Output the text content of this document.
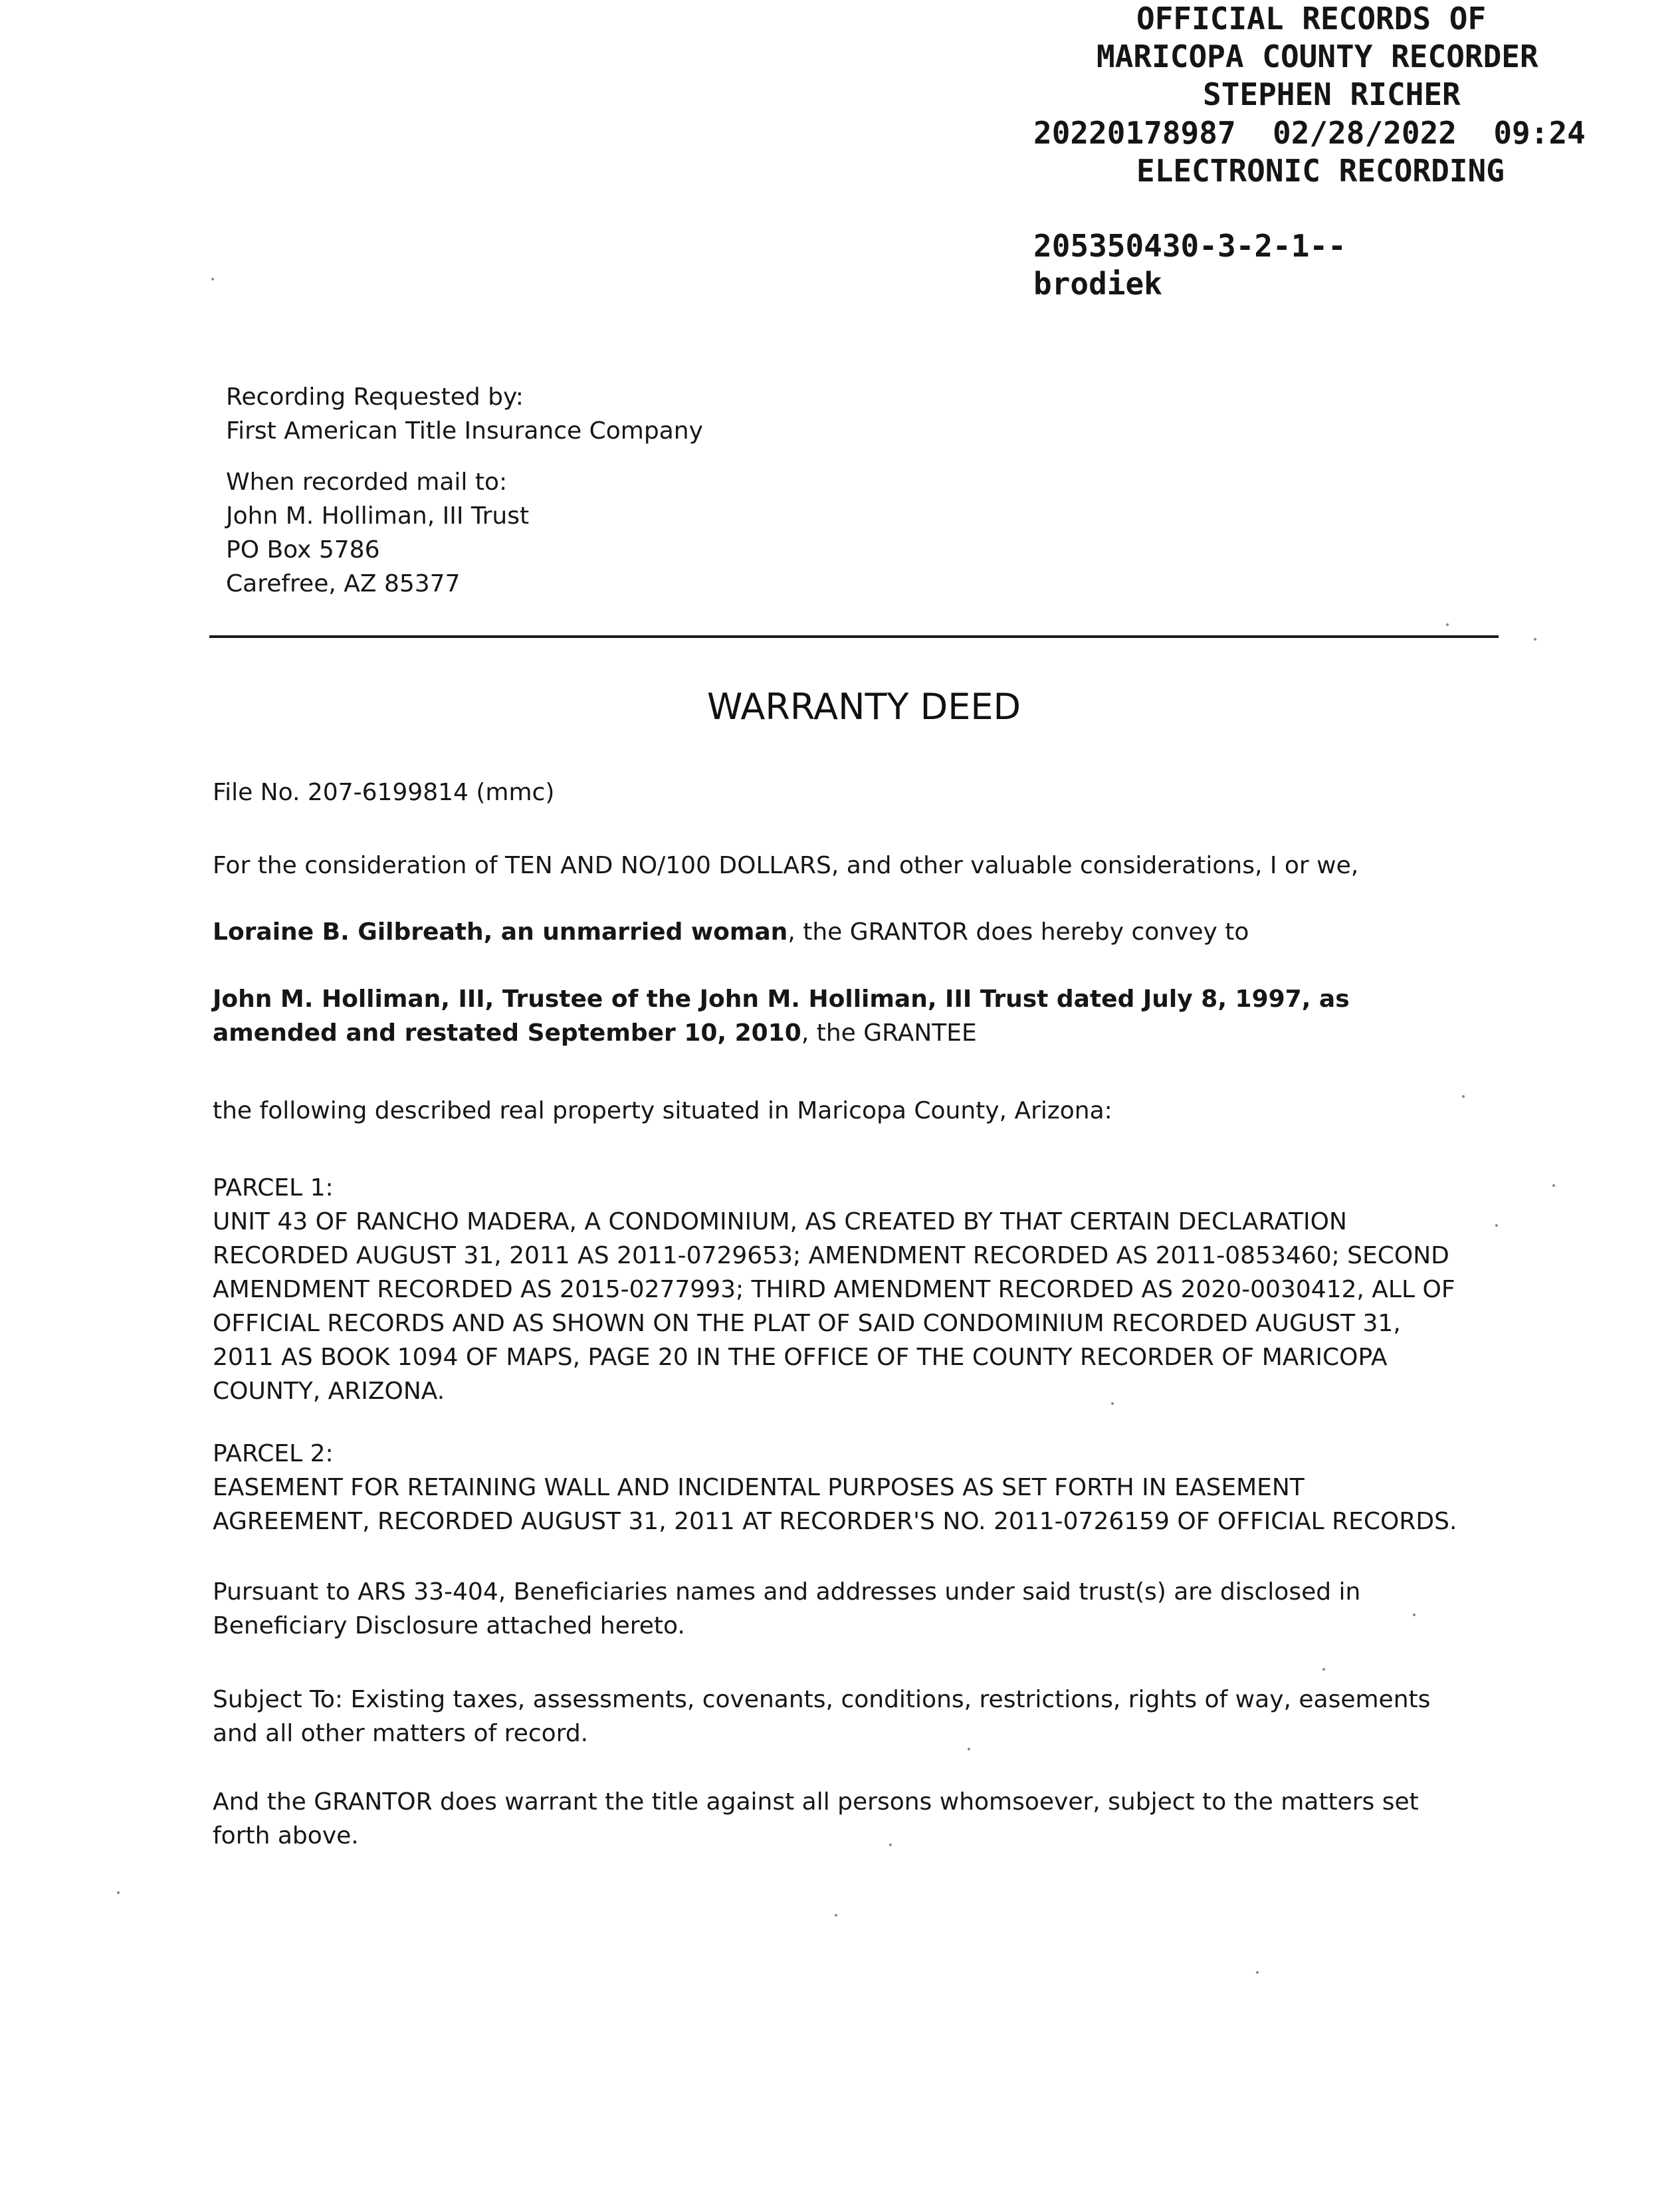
OFFICIAL RECORDS OF

MARICOPA COUNTY RECORDER

STEPHEN RICHER

20220178987  02/28/2022  09:24

ELECTRONIC RECORDING

205350430-3-2-1--

brodiek

Recording Requested by:
First American Title Insurance Company
When recorded mail to:
John M. Holliman, III Trust
PO Box 5786
Carefree, AZ 85377
WARRANTY DEED
File No. 207-6199814 (mmc)
For the consideration of TEN AND NO/100 DOLLARS, and other valuable considerations, I or we,
Loraine B. Gilbreath, an unmarried woman, the GRANTOR does hereby convey to
John M. Holliman, III, Trustee of the John M. Holliman, III Trust dated July 8, 1997, as
amended and restated September 10, 2010, the GRANTEE
the following described real property situated in Maricopa County, Arizona:
PARCEL 1:
UNIT 43 OF RANCHO MADERA, A CONDOMINIUM, AS CREATED BY THAT CERTAIN DECLARATION
RECORDED AUGUST 31, 2011 AS 2011-0729653; AMENDMENT RECORDED AS 2011-0853460; SECOND
AMENDMENT RECORDED AS 2015-0277993; THIRD AMENDMENT RECORDED AS 2020-0030412, ALL OF
OFFICIAL RECORDS AND AS SHOWN ON THE PLAT OF SAID CONDOMINIUM RECORDED AUGUST 31,
2011 AS BOOK 1094 OF MAPS, PAGE 20 IN THE OFFICE OF THE COUNTY RECORDER OF MARICOPA
COUNTY, ARIZONA.
PARCEL 2:
EASEMENT FOR RETAINING WALL AND INCIDENTAL PURPOSES AS SET FORTH IN EASEMENT
AGREEMENT, RECORDED AUGUST 31, 2011 AT RECORDER'S NO. 2011-0726159 OF OFFICIAL RECORDS.
Pursuant to ARS 33-404, Beneficiaries names and addresses under said trust(s) are disclosed in
Beneficiary Disclosure attached hereto.
Subject To: Existing taxes, assessments, covenants, conditions, restrictions, rights of way, easements
and all other matters of record.
And the GRANTOR does warrant the title against all persons whomsoever, subject to the matters set
forth above.
